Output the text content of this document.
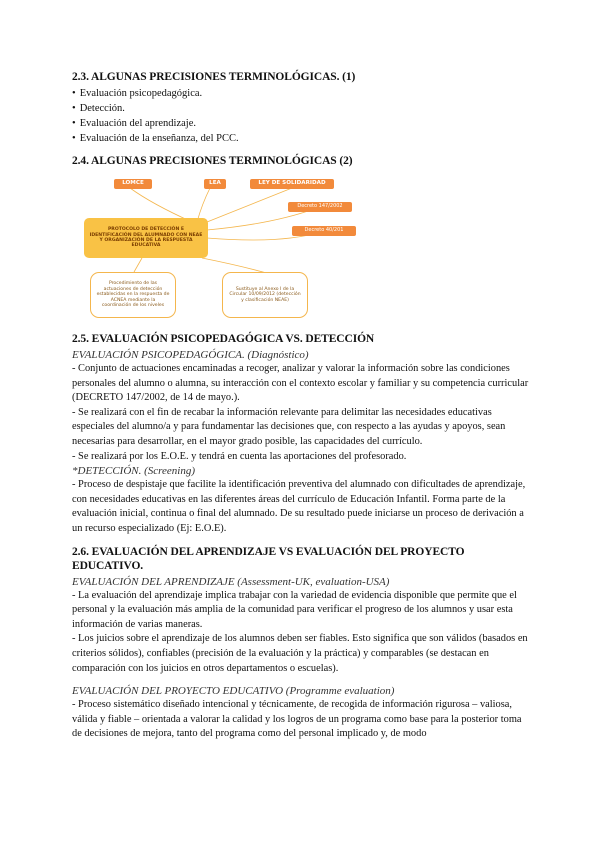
2.3. ALGUNAS PRECISIONES TERMINOLÓGICAS. (1)
• Evaluación psicopedagógica.
• Detección.
• Evaluación del aprendizaje.
• Evaluación de la enseñanza, del PCC.
2.4. ALGUNAS PRECISIONES TERMINOLÓGICAS (2)
LOMCE	LEA	LEY DE SOLIDARIDAD
Decreto 147/2002
Decreto 40/201
PROTOCOLO DE DETECCIÓN E IDENTIFICACIÓN DEL ALUMNADO CON NEAE Y ORGANIZACIÓN DE LA RESPUESTA EDUCATIVA
Procedimiento de las actuaciones de detección establecidas en la respuesta de ACNEA mediante la coordinación de los niveles
Sustituye al Anexo I de la Circular 10/09/2012 (detección y clasificación NEAE)
2.5. EVALUACIÓN PSICOPEDAGÓGICA VS. DETECCIÓN
EVALUACIÓN PSICOPEDAGÓGICA. (Diagnóstico)

- Conjunto de actuaciones encaminadas a recoger, analizar y valorar la información sobre las condiciones personales del alumno o alumna, su interacción con el contexto escolar y familiar y su competencia curricular (DECRETO 147/2002, de 14 de mayo.).

- Se realizará con el fin de recabar la información relevante para delimitar las necesidades educativas especiales del alumno/a y para fundamentar las decisiones que, con respecto a las ayudas y apoyos, sean necesarias para desarrollar, en el mayor grado posible, las capacidades del currículo.

- Se realizará por los E.O.E. y tendrá en cuenta las aportaciones del profesorado.

*DETECCIÓN. (Screening)

- Proceso de despistaje que facilite la identificación preventiva del alumnado con dificultades de aprendizaje, con necesidades educativas en las diferentes áreas del currículo de Educación Infantil. Forma parte de la evaluación inicial, continua o final del alumnado. De su resultado puede iniciarse un proceso de derivación a un recurso especializado (Ej: E.O.E).

2.6. EVALUACIÓN DEL APRENDIZAJE VS EVALUACIÓN DEL PROYECTO EDUCATIVO.
EVALUACIÓN DEL APRENDIZAJE (Assessment-UK, evaluation-USA)

- La evaluación del aprendizaje implica trabajar con la variedad de evidencia disponible que permite que el personal y la evaluación más amplia de la comunidad para verificar el progreso de los alumnos y usar esta información de varias maneras.

- Los juicios sobre el aprendizaje de los alumnos deben ser fiables. Esto significa que son válidos (basados en criterios sólidos), confiables (precisión de la evaluación y la práctica) y comparables (se destacan en comparación con los juicios en otros departamentos o escuelas).

EVALUACIÓN DEL PROYECTO EDUCATIVO (Programme evaluation)

- Proceso sistemático diseñado intencional y técnicamente, de recogida de información rigurosa – valiosa, válida y fiable – orientada a valorar la calidad y los logros de un programa como base para la posterior toma de decisiones de mejora, tanto del programa como del personal implicado y, de modo
